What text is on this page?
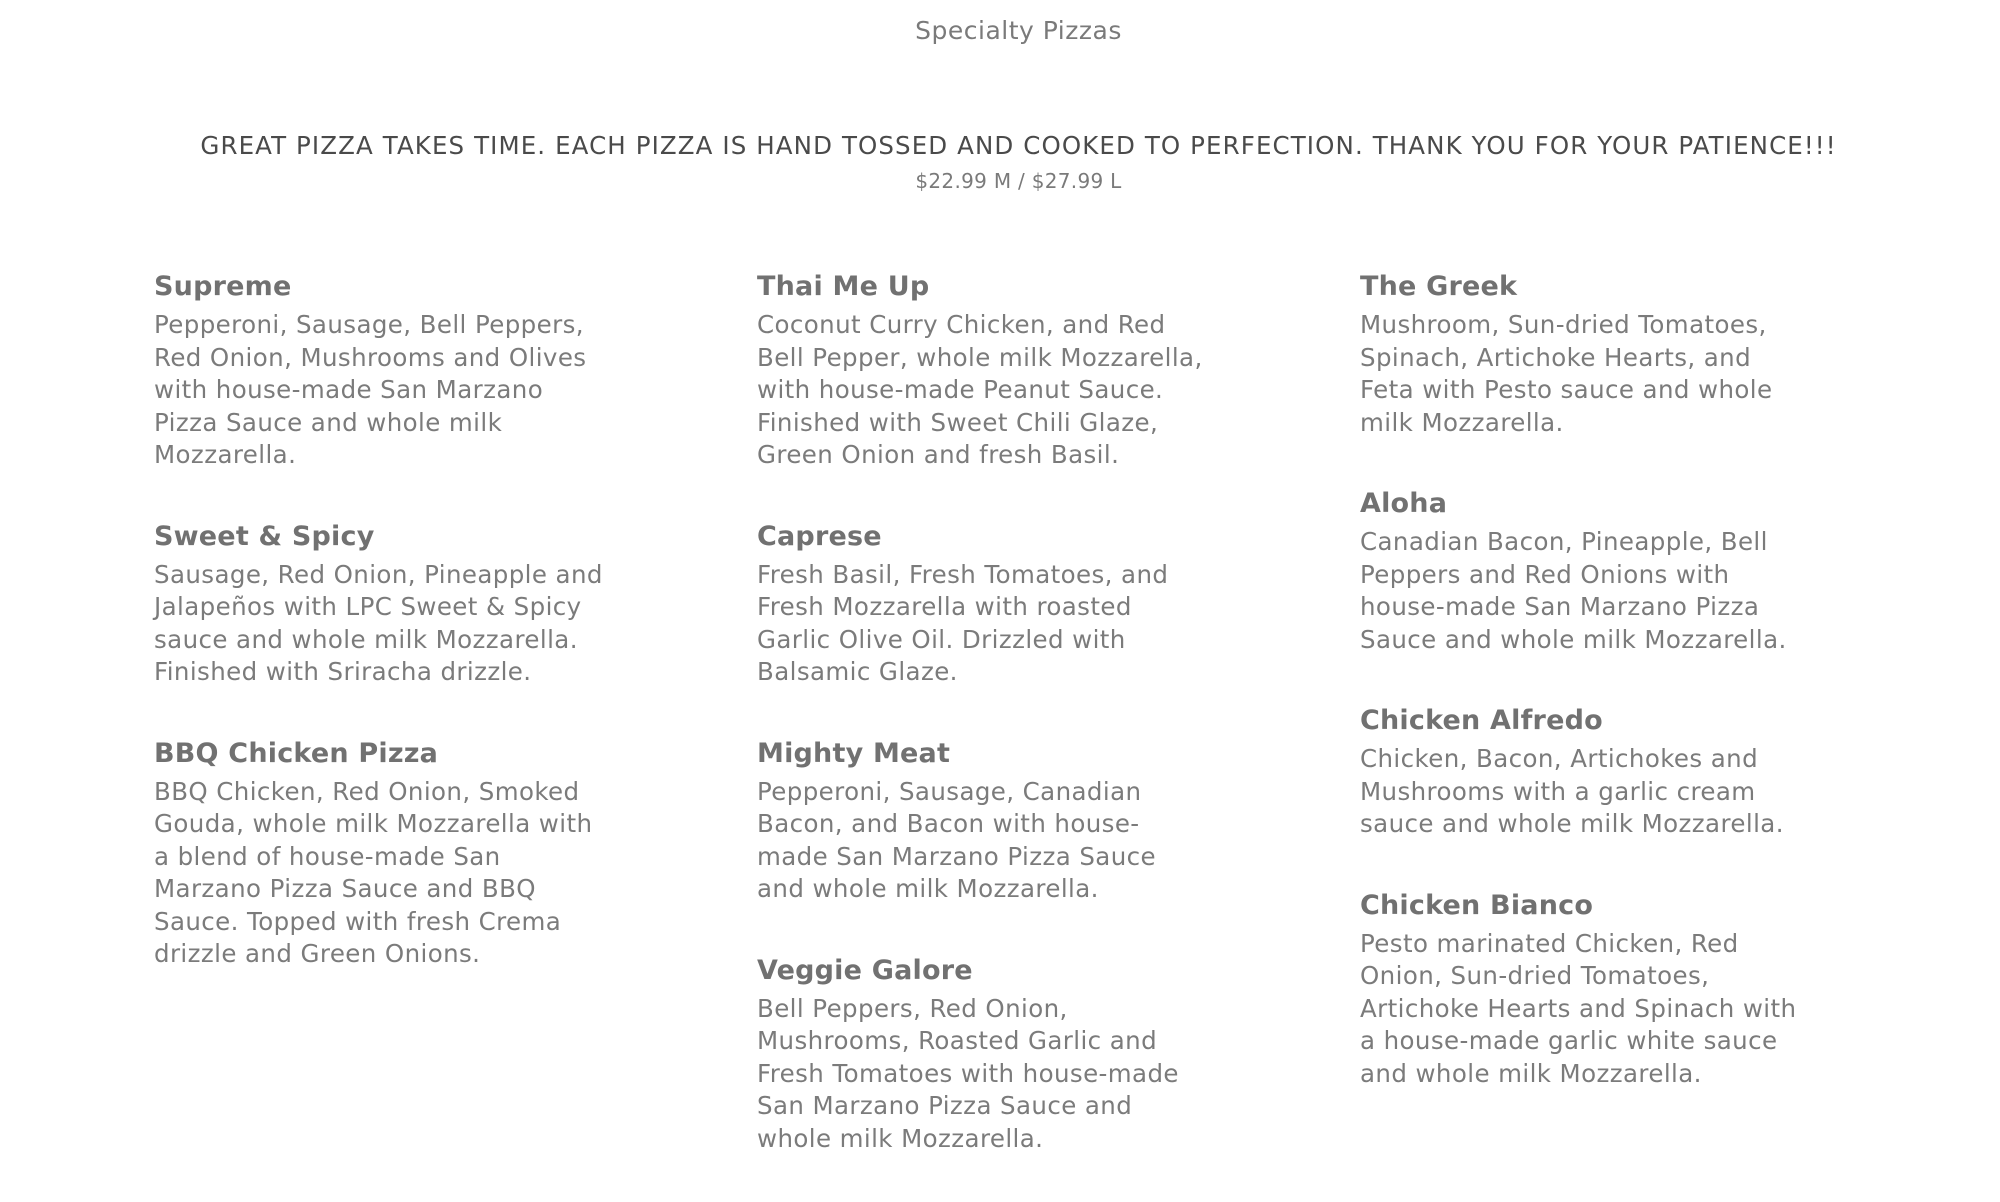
Specialty Pizzas
GREAT PIZZA TAKES TIME. EACH PIZZA IS HAND TOSSED AND COOKED TO PERFECTION. THANK YOU FOR YOUR PATIENCE!!!
$22.99 M / $27.99 L
Supreme

Pepperoni, Sausage, Bell Peppers, Red Onion, Mushrooms and Olives with house-made San Marzano Pizza Sauce and whole milk Mozzarella.

Sweet & Spicy

Sausage, Red Onion, Pineapple and Jalapeños with LPC Sweet & Spicy sauce and whole milk Mozzarella. Finished with Sriracha drizzle.

BBQ Chicken Pizza

BBQ Chicken, Red Onion, Smoked Gouda, whole milk Mozzarella with a blend of house-made San Marzano Pizza Sauce and BBQ Sauce. Topped with fresh Crema drizzle and Green Onions.

Thai Me Up

Coconut Curry Chicken, and Red Bell Pepper, whole milk Mozzarella, with house-made Peanut Sauce. Finished with Sweet Chili Glaze, Green Onion and fresh Basil.

Caprese

Fresh Basil, Fresh Tomatoes, and Fresh Mozzarella with roasted Garlic Olive Oil. Drizzled with Balsamic Glaze.

Mighty Meat

Pepperoni, Sausage, Canadian Bacon, and Bacon with house-made San Marzano Pizza Sauce and whole milk Mozzarella.

Veggie Galore

Bell Peppers, Red Onion, Mushrooms, Roasted Garlic and Fresh Tomatoes with house-made San Marzano Pizza Sauce and whole milk Mozzarella.

The Greek

Mushroom, Sun-dried Tomatoes, Spinach, Artichoke Hearts, and Feta with Pesto sauce and whole milk Mozzarella.

Aloha

Canadian Bacon, Pineapple, Bell Peppers and Red Onions with house-made San Marzano Pizza Sauce and whole milk Mozzarella.

Chicken Alfredo

Chicken, Bacon, Artichokes and Mushrooms with a garlic cream sauce and whole milk Mozzarella.

Chicken Bianco

Pesto marinated Chicken, Red Onion, Sun-dried Tomatoes, Artichoke Hearts and Spinach with a house-made garlic white sauce and whole milk Mozzarella.
